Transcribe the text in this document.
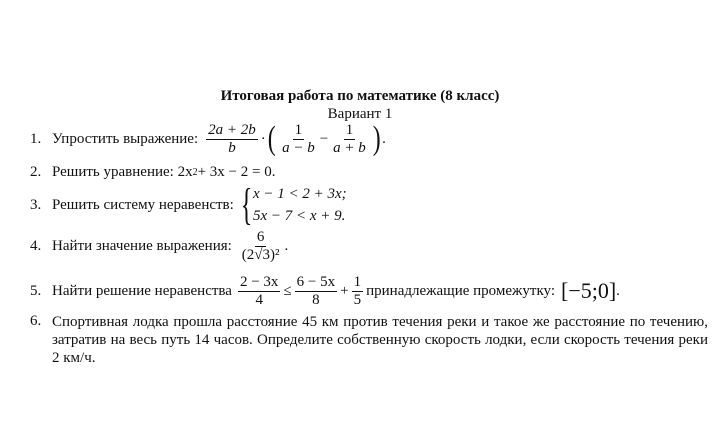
Итоговая работа по математике (8 класс)
Вариант 1
1. Упростить выражение: $\frac{2a + 2b}{b}$ · ( $\frac{1}{a - b} - \frac{1}{a + b}$ ) .
2. Решить уравнение: 2x 2 + 3x − 2 = 0.
3. Решить систему неравенств: { x − 1 < 2 + 3x;
5x − 7 < x + 9.
4. Найти значение выражения: $\frac{6}{\text{(2√3)²}}$ .
5. Найти решение неравенства $\frac{2 - 3x}{4} \le \frac{6 - 5x}{8} + \frac{1}{5}$ принадлежащие промежутку: [−5;0] .
6. Спортивная лодка прошла расстояние 45 км против течения реки и такое же расстояние по течению, затратив на весь путь 14 часов. Определите собственную скорость лодки, если скорость течения реки 2 км/ч.
